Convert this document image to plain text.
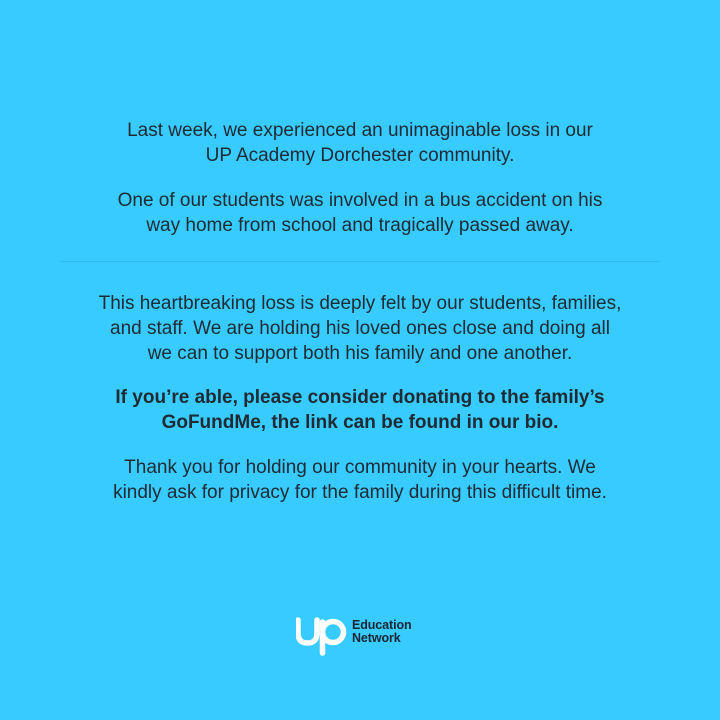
Last week, we experienced an unimaginable loss in our
UP Academy Dorchester community.
One of our students was involved in a bus accident on his
way home from school and tragically passed away.
This heartbreaking loss is deeply felt by our students, families,
and staff. We are holding his loved ones close and doing all
we can to support both his family and one another.
If you’re able, please consider donating to the family’s
GoFundMe, the link can be found in our bio.
Thank you for holding our community in your hearts. We
kindly ask for privacy for the family during this difficult time.
Education
Network
